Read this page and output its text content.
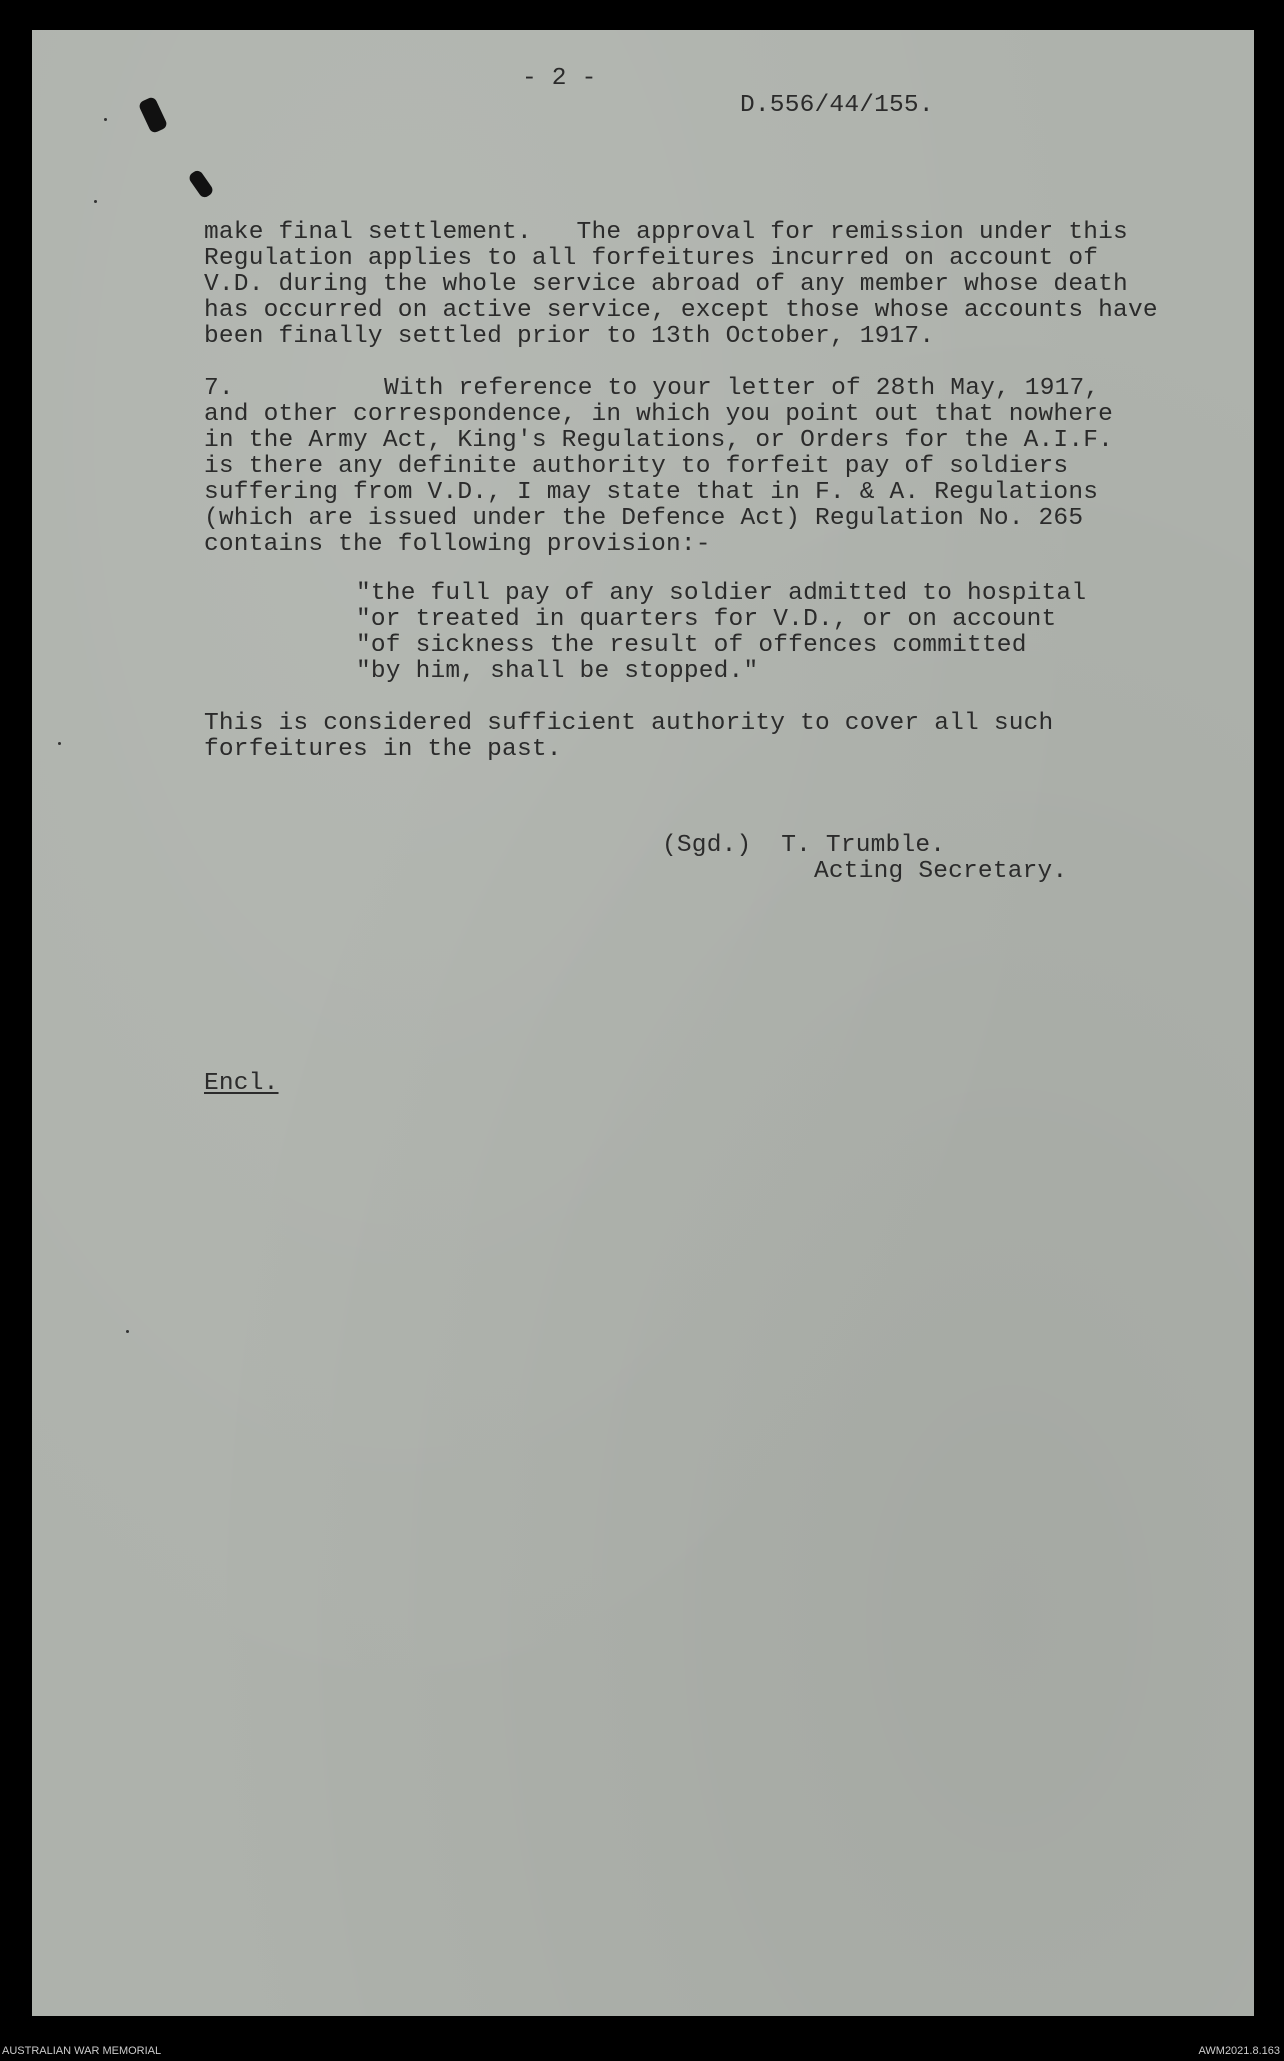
- 2 -
D.556/44/155.
make final settlement.   The approval for remission under this
Regulation applies to all forfeitures incurred on account of
V.D. during the whole service abroad of any member whose death
has occurred on active service, except those whose accounts have
been finally settled prior to 13th October, 1917.
7.	With reference to your letter of 28th May, 1917,
and other correspondence, in which you point out that nowhere
in the Army Act, King's Regulations, or Orders for the A.I.F.
is there any definite authority to forfeit pay of soldiers
suffering from V.D., I may state that in F. & A. Regulations
(which are issued under the Defence Act) Regulation No. 265
contains the following provision:-
"the full pay of any soldier admitted to hospital
"or treated in quarters for V.D., or on account
"of sickness the result of offences committed
"by him, shall be stopped."
This is considered sufficient authority to cover all such
forfeitures in the past.
(Sgd.)  T. Trumble.
Acting Secretary.
Encl.
AUSTRALIAN WAR MEMORIAL	AWM2021.8.163
